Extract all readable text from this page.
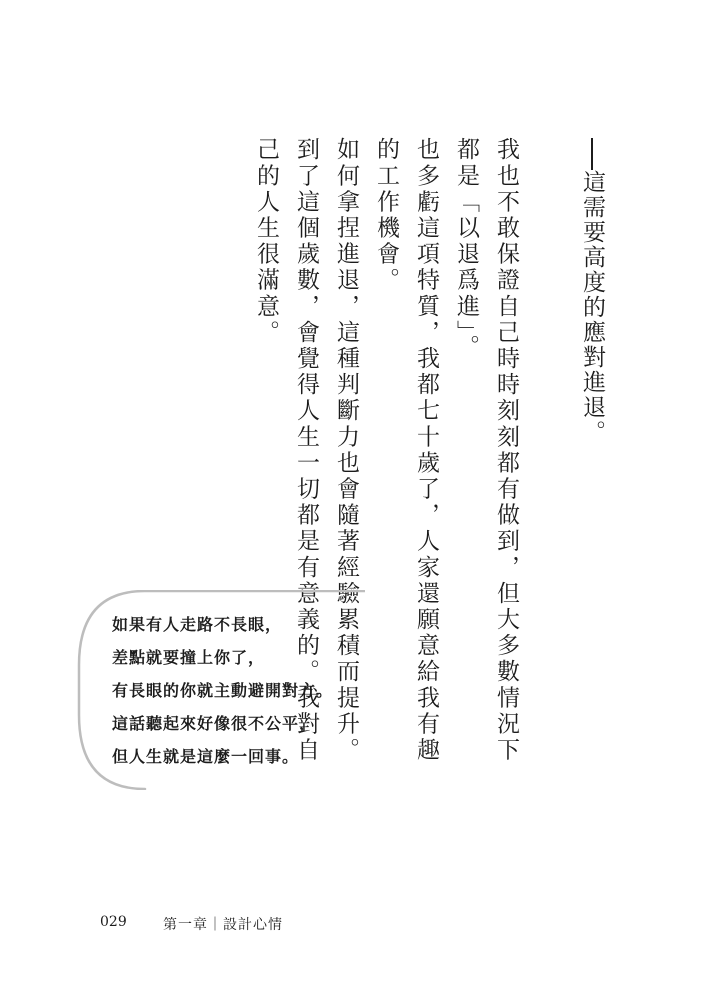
這需要高度的應對進退。
我也不敢保證自己時時刻刻都有做到，但大多數情況下都是「以退爲進」。
也多虧這項特質，我都七十歲了，人家還願意給我有趣的工作機會。
如何拿捏進退，這種判斷力也會隨著經驗累積而提升。
到了這個歲數，會覺得人生一切都是有意義的。我對自己的人生很滿意。
如果有人走路不長眼，
差點就要撞上你了，
有長眼的你就主動避開對方。
這話聽起來好像很不公平，
但人生就是這麼一回事。
029	第一章｜設計心情
